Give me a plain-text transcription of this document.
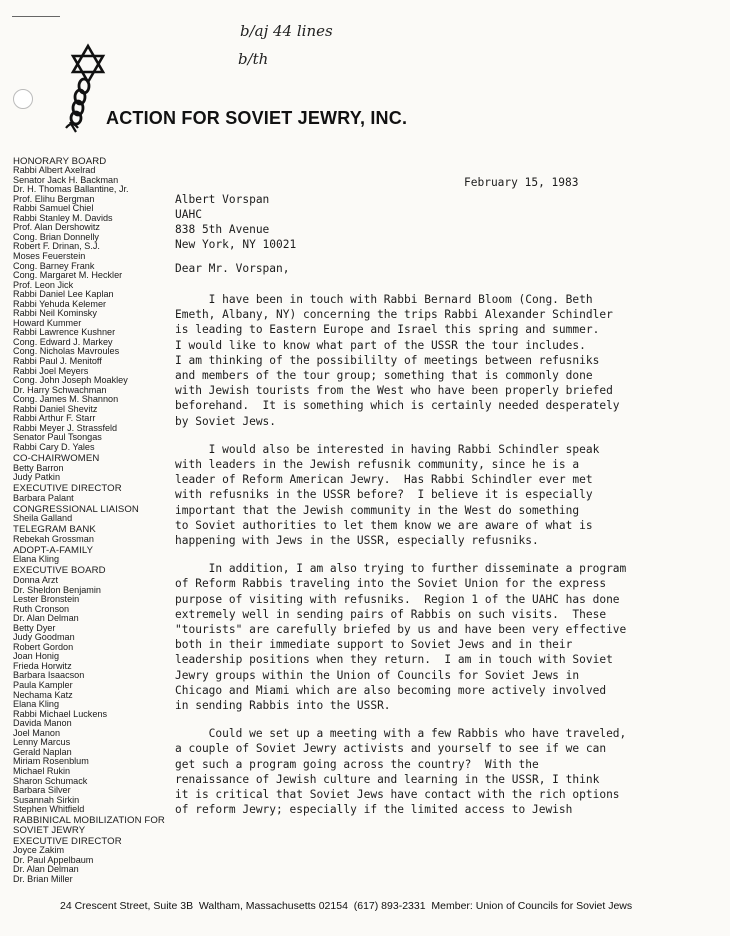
b/aj 44 lines
b/th
ACTION FOR SOVIET JEWRY, INC.
HONORARY BOARD
Rabbi Albert Axelrad
Senator Jack H. Backman
Dr. H. Thomas Ballantine, Jr.
Prof. Elihu Bergman
Rabbi Samuel Chiel
Rabbi Stanley M. Davids
Prof. Alan Dershowitz
Cong. Brian Donnelly
Robert F. Drinan, S.J.
Moses Feuerstein
Cong. Barney Frank
Cong. Margaret M. Heckler
Prof. Leon Jick
Rabbi Daniel Lee Kaplan
Rabbi Yehuda Kelemer
Rabbi Neil Kominsky
Howard Kummer
Rabbi Lawrence Kushner
Cong. Edward J. Markey
Cong. Nicholas Mavroules
Rabbi Paul J. Menitoff
Rabbi Joel Meyers
Cong. John Joseph Moakley
Dr. Harry Schwachman
Cong. James M. Shannon
Rabbi Daniel Shevitz
Rabbi Arthur F. Starr
Rabbi Meyer J. Strassfeld
Senator Paul Tsongas
Rabbi Cary D. Yales
CO-CHAIRWOMEN
Betty Barron
Judy Patkin
EXECUTIVE DIRECTOR
Barbara Palant
CONGRESSIONAL LIAISON
Sheila Galland
TELEGRAM BANK
Rebekah Grossman
ADOPT-A-FAMILY
Elana Kling
EXECUTIVE BOARD
Donna Arzt
Dr. Sheldon Benjamin
Lester Bronstein
Ruth Cronson
Dr. Alan Delman
Betty Dyer
Judy Goodman
Robert Gordon
Joan Honig
Frieda Horwitz
Barbara Isaacson
Paula Kampler
Nechama Katz
Elana Kling
Rabbi Michael Luckens
Davida Manon
Joel Manon
Lenny Marcus
Gerald Naplan
Miriam Rosenblum
Michael Rukin
Sharon Schumack
Barbara Silver
Susannah Sirkin
Stephen Whitfield
RABBINICAL MOBILIZATION FOR SOVIET JEWRY
EXECUTIVE DIRECTOR
Joyce Zakim
Dr. Paul Appelbaum
Dr. Alan Delman
Dr. Brian Miller
February 15, 1983
Albert Vorspan
UAHC
838 5th Avenue
New York, NY 10021
Dear Mr. Vorspan,

I have been in touch with Rabbi Bernard Bloom (Cong. Beth
Emeth, Albany, NY) concerning the trips Rabbi Alexander Schindler
is leading to Eastern Europe and Israel this spring and summer.
I would like to know what part of the USSR the tour includes.
I am thinking of the possibililty of meetings between refusniks
and members of the tour group; something that is commonly done
with Jewish tourists from the West who have been properly briefed
beforehand.  It is something which is certainly needed desperately
by Soviet Jews.

I would also be interested in having Rabbi Schindler speak
with leaders in the Jewish refusnik community, since he is a
leader of Reform American Jewry.  Has Rabbi Schindler ever met
with refusniks in the USSR before?  I believe it is especially
important that the Jewish community in the West do something
to Soviet authorities to let them know we are aware of what is
happening with Jews in the USSR, especially refusniks.

In addition, I am also trying to further disseminate a program
of Reform Rabbis traveling into the Soviet Union for the express
purpose of visiting with refusniks.  Region 1 of the UAHC has done
extremely well in sending pairs of Rabbis on such visits.  These
"tourists" are carefully briefed by us and have been very effective
both in their immediate support to Soviet Jews and in their
leadership positions when they return.  I am in touch with Soviet
Jewry groups within the Union of Councils for Soviet Jews in
Chicago and Miami which are also becoming more actively involved
in sending Rabbis into the USSR.

Could we set up a meeting with a few Rabbis who have traveled,
a couple of Soviet Jewry activists and yourself to see if we can
get such a program going across the country?  With the
renaissance of Jewish culture and learning in the USSR, I think
it is critical that Soviet Jews have contact with the rich options
of reform Jewry; especially if the limited access to Jewish

24 Crescent Street, Suite 3B  Waltham, Massachusetts 02154  (617) 893-2331  Member: Union of Councils for Soviet Jews
